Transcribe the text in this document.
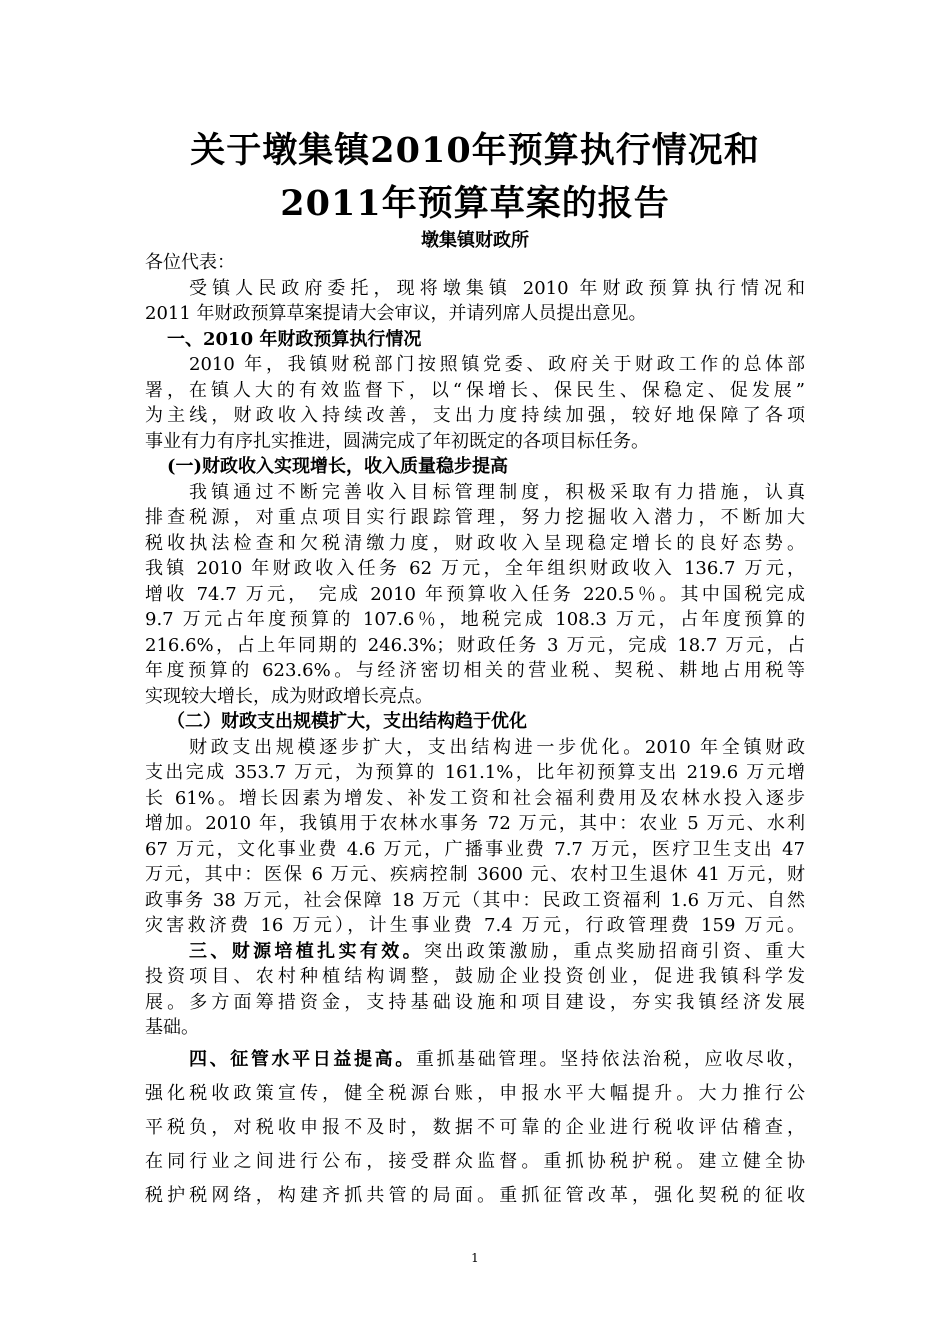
关于墩集镇2010年预算执行情况和
2011年预算草案的报告
墩集镇财政所
各位代表：
受镇人民政府委托，现将墩集镇 2010 年财政预算执行情况和
2011 年财政预算草案提请大会审议，并请列席人员提出意见。
一、2010 年财政预算执行情况
2010 年，我镇财税部门按照镇党委、政府关于财政工作的总体部
署，在镇人大的有效监督下，以“保增长、保民生、保稳定、促发展”
为主线，财政收入持续改善，支出力度持续加强，较好地保障了各项
事业有力有序扎实推进，圆满完成了年初既定的各项目标任务。
(一)财政收入实现增长，收入质量稳步提高
我镇通过不断完善收入目标管理制度，积极采取有力措施，认真
排查税源，对重点项目实行跟踪管理，努力挖掘收入潜力，不断加大
税收执法检查和欠税清缴力度，财政收入呈现稳定增长的良好态势。
我镇 2010 年财政收入任务 62 万元，全年组织财政收入 136.7 万元，
增收 74.7 万元， 完成 2010 年预算收入任务 220.5％。其中国税完成
9.7 万元占年度预算的 107.6％，地税完成 108.3 万元，占年度预算的
216.6%，占上年同期的 246.3%；财政任务 3 万元，完成 18.7 万元，占
年度预算的 623.6%。与经济密切相关的营业税、契税、耕地占用税等
实现较大增长，成为财政增长亮点。
（二）财政支出规模扩大，支出结构趋于优化
财政支出规模逐步扩大，支出结构进一步优化。2010 年全镇财政
支出完成 353.7 万元，为预算的 161.1%，比年初预算支出 219.6 万元增
长 61%。增长因素为增发、补发工资和社会福利费用及农林水投入逐步
增加。2010 年，我镇用于农林水事务 72 万元，其中：农业 5 万元、水利
67 万元，文化事业费 4.6 万元，广播事业费 7.7 万元，医疗卫生支出 47
万元，其中：医保 6 万元、疾病控制 3600 元、农村卫生退休 41 万元，财
政事务 38 万元，社会保障 18 万元（其中：民政工资福利 1.6 万元、自然
灾害救济费 16 万元），计生事业费 7.4 万元，行政管理费 159 万元。
三、财源培植扎实有效。突出政策激励，重点奖励招商引资、重大
投资项目、农村种植结构调整，鼓励企业投资创业，促进我镇科学发
展。多方面筹措资金，支持基础设施和项目建设，夯实我镇经济发展
基础。
四、征管水平日益提高。重抓基础管理。坚持依法治税，应收尽收，
强化税收政策宣传，健全税源台账，申报水平大幅提升。大力推行公
平税负，对税收申报不及时，数据不可靠的企业进行税收评估稽查，
在同行业之间进行公布，接受群众监督。重抓协税护税。建立健全协
税护税网络，构建齐抓共管的局面。重抓征管改革，强化契税的征收
1
